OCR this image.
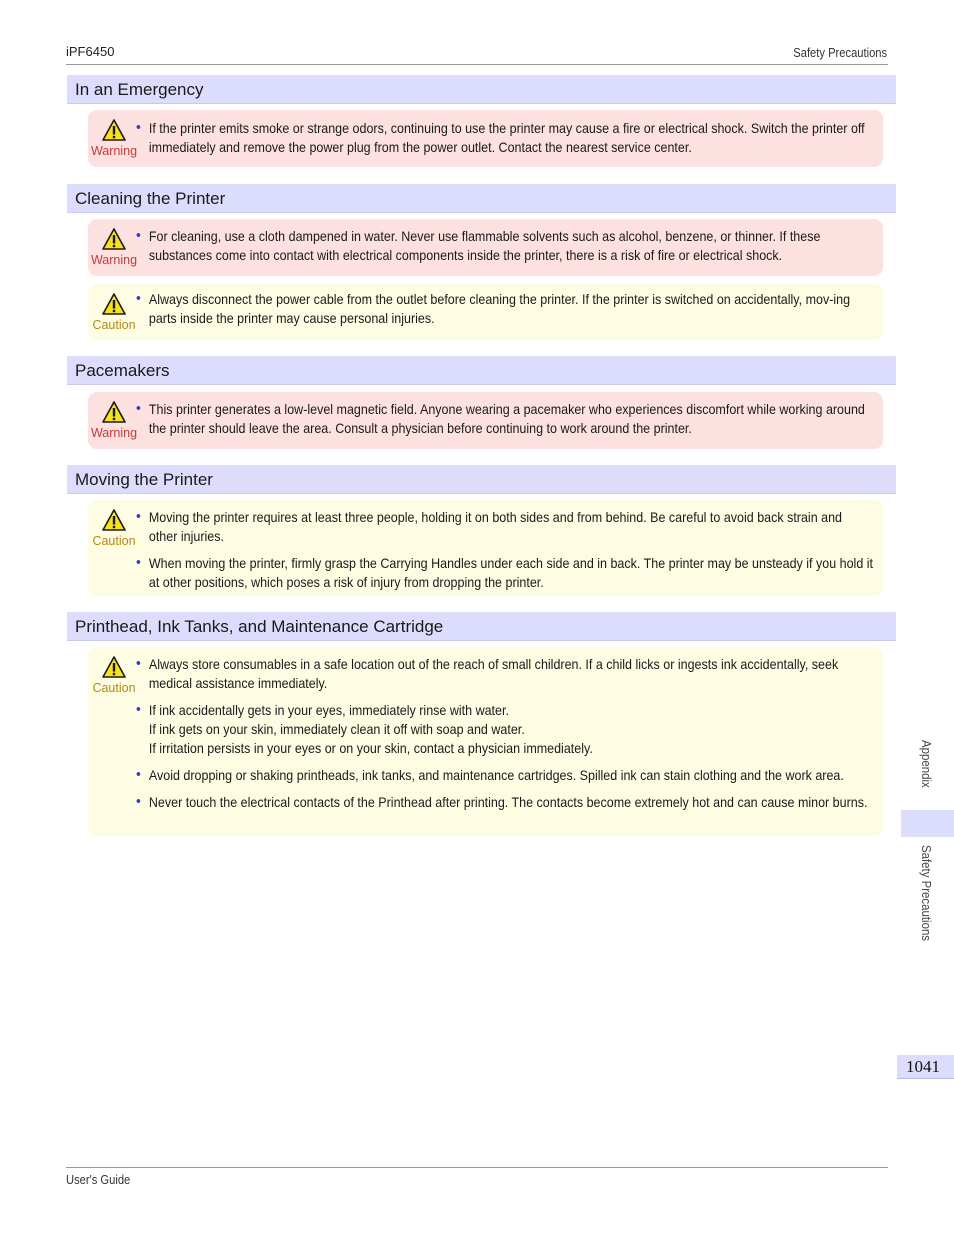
iPF6450	Safety Precautions
In an Emergency
Warning
• If the printer emits smoke or strange odors, continuing to use the printer may cause a fire or electrical shock. Switch the printer off immediately and remove the power plug from the power outlet. Contact the nearest service center.
Cleaning the Printer
Warning
• For cleaning, use a cloth dampened in water. Never use flammable solvents such as alcohol, benzene, or thinner. If these substances come into contact with electrical components inside the printer, there is a risk of fire or electrical shock.
Caution
• Always disconnect the power cable from the outlet before cleaning the printer. If the printer is switched on accidentally, mov-ing parts inside the printer may cause personal injuries.
Pacemakers
Warning
• This printer generates a low-level magnetic field. Anyone wearing a pacemaker who experiences discomfort while working around the printer should leave the area. Consult a physician before continuing to work around the printer.
Moving the Printer
Caution
• Moving the printer requires at least three people, holding it on both sides and from behind. Be careful to avoid back strain and other injuries.
• When moving the printer, firmly grasp the Carrying Handles under each side and in back. The printer may be unsteady if you hold it at other positions, which poses a risk of injury from dropping the printer.
Printhead, Ink Tanks, and Maintenance Cartridge
Caution
• Always store consumables in a safe location out of the reach of small children. If a child licks or ingests ink accidentally, seek medical assistance immediately.
• If ink accidentally gets in your eyes, immediately rinse with water.
If ink gets on your skin, immediately clean it off with soap and water.
If irritation persists in your eyes or on your skin, contact a physician immediately.
• Avoid dropping or shaking printheads, ink tanks, and maintenance cartridges. Spilled ink can stain clothing and the work area.
• Never touch the electrical contacts of the Printhead after printing. The contacts become extremely hot and can cause minor burns.
Appendix
Safety Precautions
1041
User's Guide
